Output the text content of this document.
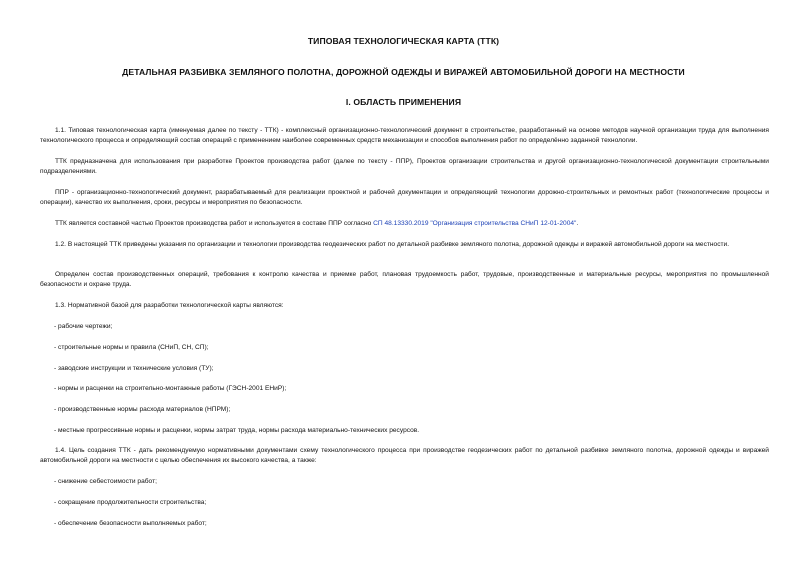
ТИПОВАЯ ТЕХНОЛОГИЧЕСКАЯ КАРТА (ТТК)
ДЕТАЛЬНАЯ РАЗБИВКА ЗЕМЛЯНОГО ПОЛОТНА, ДОРОЖНОЙ ОДЕЖДЫ И ВИРАЖЕЙ АВТОМОБИЛЬНОЙ ДОРОГИ НА МЕСТНОСТИ
I. ОБЛАСТЬ ПРИМЕНЕНИЯ
1.1. Типовая технологическая карта (именуемая далее по тексту - ТТК) - комплексный организационно-технологический документ в строительстве, разработанный на основе методов научной организации труда для выполнения технологического процесса и определяющий состав операций с применением наиболее современных средств механизации и способов выполнения работ по определённо заданной технологии.
ТТК предназначена для использования при разработке Проектов производства работ (далее по тексту - ППР), Проектов организации строительства и другой организационно-технологической документации строительными подразделениями.
ППР - организационно-технологический документ, разрабатываемый для реализации проектной и рабочей документации и определяющий технологии дорожно-строительных и ремонтных работ (технологические процессы и операции), качество их выполнения, сроки, ресурсы и мероприятия по безопасности.
ТТК является составной частью Проектов производства работ и используется в составе ППР согласно СП 48.13330.2019 "Организация строительства СНиП 12-01-2004".
1.2. В настоящей ТТК приведены указания по организации и технологии производства геодезических работ по детальной разбивке земляного полотна, дорожной одежды и виражей автомобильной дороги на местности.
Определен состав производственных операций, требования к контролю качества и приемке работ, плановая трудоемкость работ, трудовые, производственные и материальные ресурсы, мероприятия по промышленной безопасности и охране труда.
1.3. Нормативной базой для разработки технологической карты являются:
- рабочие чертежи;
- строительные нормы и правила (СНиП, СН, СП);
- заводские инструкции и технические условия (ТУ);
- нормы и расценки на строительно-монтажные работы (ГЭСН-2001 ЕНиР);
- производственные нормы расхода материалов (НПРМ);
- местные прогрессивные нормы и расценки, нормы затрат труда, нормы расхода материально-технических ресурсов.
1.4. Цель создания ТТК - дать рекомендуемую нормативными документами схему технологического процесса при производстве геодезических работ по детальной разбивке земляного полотна, дорожной одежды и виражей автомобильной дороги на местности с целью обеспечения их высокого качества, а также:
- снижение себестоимости работ;
- сокращение продолжительности строительства;
- обеспечение безопасности выполняемых работ;
